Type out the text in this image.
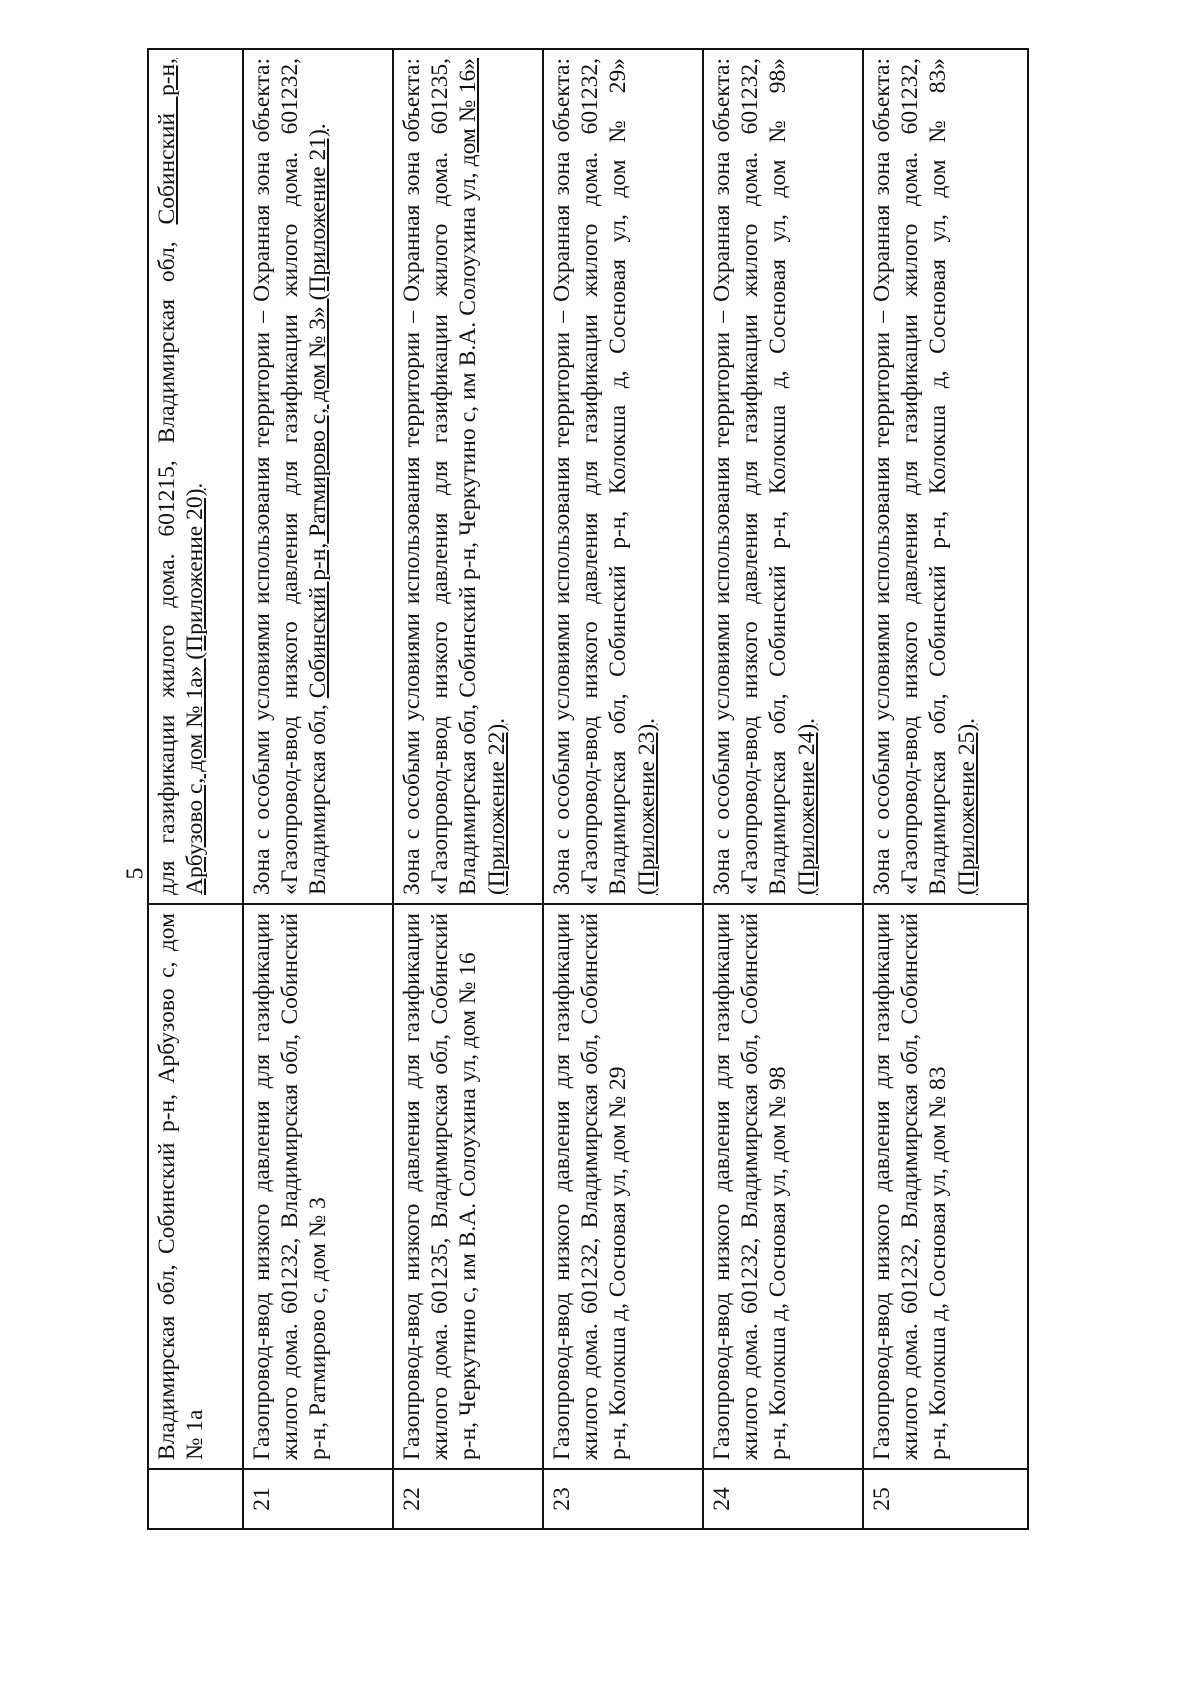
5
	Владимирская обл, Собинский р-н, Арбузово с, дом № 1а	для газификации жилого дома. 601215, Владимирская обл, Собинский р-н, Арбузово с, дом № 1а» (Приложение 20).
21	Газопровод-ввод низкого давления для газификации жилого дома. 601232, Владимирская обл, Собинский р-н, Ратмирово с, дом № 3	Зона с особыми условиями использования территории – Охранная зона объекта: «Газопровод-ввод низкого давления для газификации жилого дома. 601232, Владимирская обл, Собинский р-н, Ратмирово с, дом № 3» (Приложение 21).
22	Газопровод-ввод низкого давления для газификации жилого дома. 601235, Владимирская обл, Собинский р-н, Черкутино с, им В.А. Солоухина ул, дом № 16	Зона с особыми условиями использования территории – Охранная зона объекта: «Газопровод-ввод низкого давления для газификации жилого дома. 601235, Владимирская обл, Собинский р-н, Черкутино с, им В.А. Солоухина ул, дом № 16» (Приложение 22).
23	Газопровод-ввод низкого давления для газификации жилого дома. 601232, Владимирская обл, Собинский р-н, Колокша д, Сосновая ул, дом № 29	Зона с особыми условиями использования территории – Охранная зона объекта: «Газопровод-ввод низкого давления для газификации жилого дома. 601232, Владимирская обл, Собинский р-н, Колокша д, Сосновая ул, дом № 29» (Приложение 23).
24	Газопровод-ввод низкого давления для газификации жилого дома. 601232, Владимирская обл, Собинский р-н, Колокша д, Сосновая ул, дом № 98	Зона с особыми условиями использования территории – Охранная зона объекта: «Газопровод-ввод низкого давления для газификации жилого дома. 601232, Владимирская обл, Собинский р-н, Колокша д, Сосновая ул, дом № 98» (Приложение 24).
25	Газопровод-ввод низкого давления для газификации жилого дома. 601232, Владимирская обл, Собинский р-н, Колокша д, Сосновая ул, дом № 83	Зона с особыми условиями использования территории – Охранная зона объекта: «Газопровод-ввод низкого давления для газификации жилого дома. 601232, Владимирская обл, Собинский р-н, Колокша д, Сосновая ул, дом № 83» (Приложение 25).
